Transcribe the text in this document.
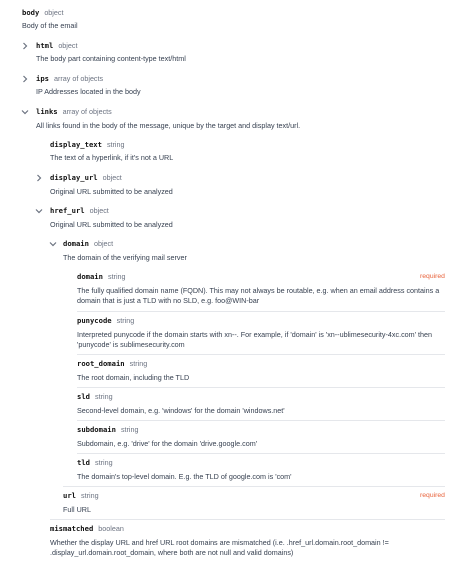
body object
Body of the email
html object
The body part containing content-type text/html
ips array of objects
IP Addresses located in the body
links array of objects
All links found in the body of the message, unique by the target and display text/url.
display_text string
The text of a hyperlink, if it's not a URL
display_url object
Original URL submitted to be analyzed
href_url object
Original URL submitted to be analyzed
domain object
The domain of the verifying mail server
domain string	required
The fully qualified domain name (FQDN). This may not always be routable, e.g. when an email address contains a
domain that is just a TLD with no SLD, e.g. foo@WIN-bar
punycode string
Interpreted punycode if the domain starts with xn--. For example, if 'domain' is 'xn--ublimesecurity-4xc.com' then
'punycode' is sublimesecurity.com
root_domain string
The root domain, including the TLD
sld string
Second-level domain, e.g. 'windows' for the domain 'windows.net'
subdomain string
Subdomain, e.g. 'drive' for the domain 'drive.google.com'
tld string
The domain's top-level domain. E.g. the TLD of google.com is 'com'
url string	required
Full URL
mismatched boolean
Whether the display URL and href URL root domains are mismatched (i.e. .href_url.domain.root_domain !=
.display_url.domain.root_domain, where both are not null and valid domains)
